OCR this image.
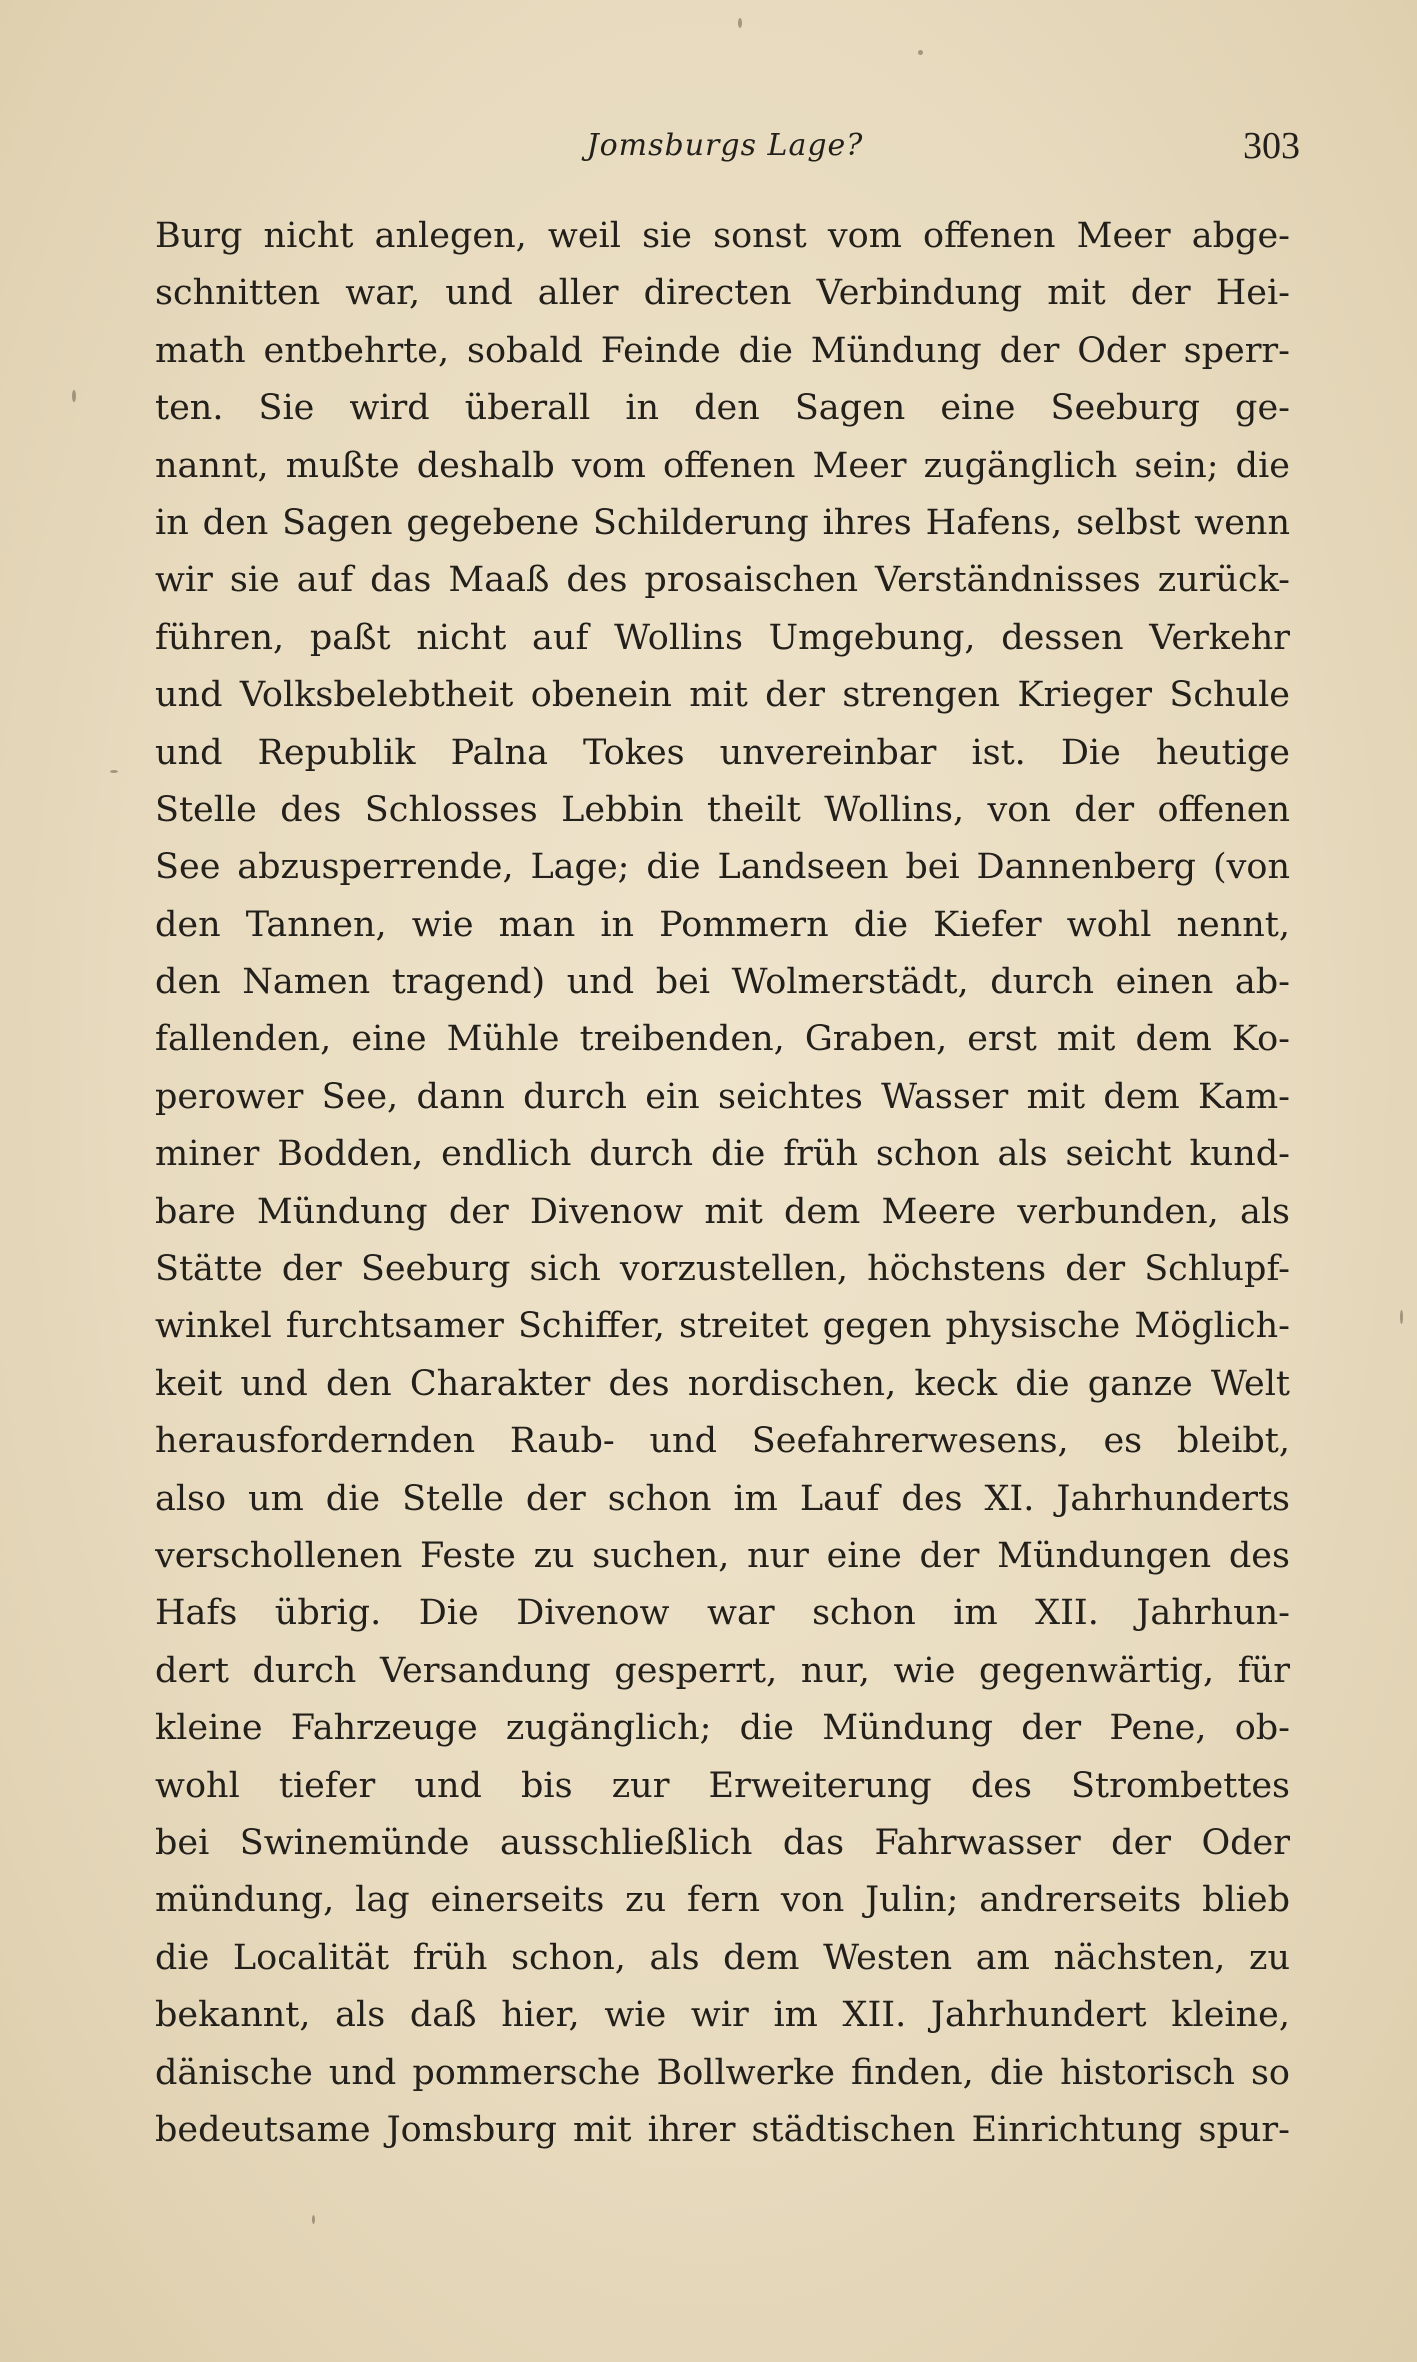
Jomsburgs Lage?	303
Burg nicht anlegen, weil sie sonst vom offenen Meer abge-
schnitten war, und aller directen Verbindung mit der Hei-
math entbehrte, sobald Feinde die Mündung der Oder sperr-
ten. Sie wird überall in den Sagen eine Seeburg ge-
nannt, mußte deshalb vom offenen Meer zugänglich sein; die
in den Sagen gegebene Schilderung ihres Hafens, selbst wenn
wir sie auf das Maaß des prosaischen Verständnisses zurück-
führen, paßt nicht auf Wollins Umgebung, dessen Verkehr
und Volksbelebtheit obenein mit der strengen Krieger Schule
und Republik Palna Tokes unvereinbar ist. Die heutige
Stelle des Schlosses Lebbin theilt Wollins, von der offenen
See abzusperrende, Lage; die Landseen bei Dannenberg (von
den Tannen, wie man in Pommern die Kiefer wohl nennt,
den Namen tragend) und bei Wolmerstädt, durch einen ab-
fallenden, eine Mühle treibenden, Graben, erst mit dem Ko-
perower See, dann durch ein seichtes Wasser mit dem Kam-
miner Bodden, endlich durch die früh schon als seicht kund-
bare Mündung der Divenow mit dem Meere verbunden, als
Stätte der Seeburg sich vorzustellen, höchstens der Schlupf-
winkel furchtsamer Schiffer, streitet gegen physische Möglich-
keit und den Charakter des nordischen, keck die ganze Welt
herausfordernden Raub- und Seefahrerwesens, es bleibt,
also um die Stelle der schon im Lauf des XI. Jahrhunderts
verschollenen Feste zu suchen, nur eine der Mündungen des
Hafs übrig. Die Divenow war schon im XII. Jahrhun-
dert durch Versandung gesperrt, nur, wie gegenwärtig, für
kleine Fahrzeuge zugänglich; die Mündung der Pene, ob-
wohl tiefer und bis zur Erweiterung des Strombettes
bei Swinemünde ausschließlich das Fahrwasser der Oder
mündung, lag einerseits zu fern von Julin; andrerseits blieb
die Localität früh schon, als dem Westen am nächsten, zu
bekannt, als daß hier, wie wir im XII. Jahrhundert kleine,
dänische und pommersche Bollwerke finden, die historisch so
bedeutsame Jomsburg mit ihrer städtischen Einrichtung spur-
